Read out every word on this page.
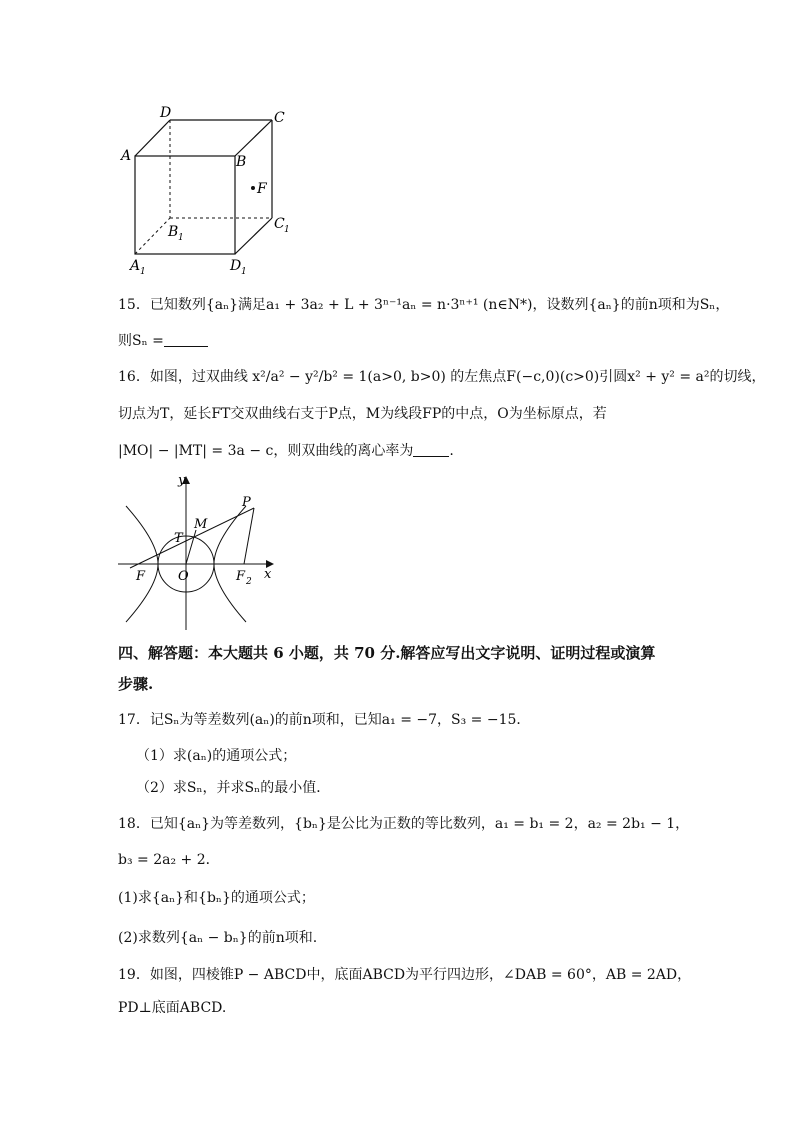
D	C
A	B
F
C 1
B 1
A 1	D 1
15．已知数列{aₙ}满足a₁ + 3a₂ + L + 3ⁿ⁻¹aₙ = n·3ⁿ⁺¹ (n∈N*)，设数列{aₙ}的前n项和为Sₙ，
则Sₙ =
16．如图，过双曲线 x²/a² − y²/b² = 1(a>0, b>0) 的左焦点F(−c,0)(c>0)引圆x² + y² = a²的切线，
切点为T，延长FT交双曲线右支于P点，M为线段FP的中点，O为坐标原点，若
|MO| − |MT| = 3a − c，则双曲线的离心率为	.
y
x
P
M
T
F	O	F 2
四、解答题：本大题共 6 小题，共 70 分.解答应写出文字说明、证明过程或演算
步骤.
17．记Sₙ为等差数列(aₙ)的前n项和，已知a₁ = −7，S₃ = −15．
（1）求(aₙ)的通项公式；
（2）求Sₙ，并求Sₙ的最小值．
18．已知{aₙ}为等差数列，{bₙ}是公比为正数的等比数列，a₁ = b₁ = 2，a₂ = 2b₁ − 1，
b₃ = 2a₂ + 2．
(1)求{aₙ}和{bₙ}的通项公式；
(2)求数列{aₙ − bₙ}的前n项和.
19．如图，四棱锥P − ABCD中，底面ABCD为平行四边形，∠DAB = 60°，AB = 2AD，
PD⊥底面ABCD.
